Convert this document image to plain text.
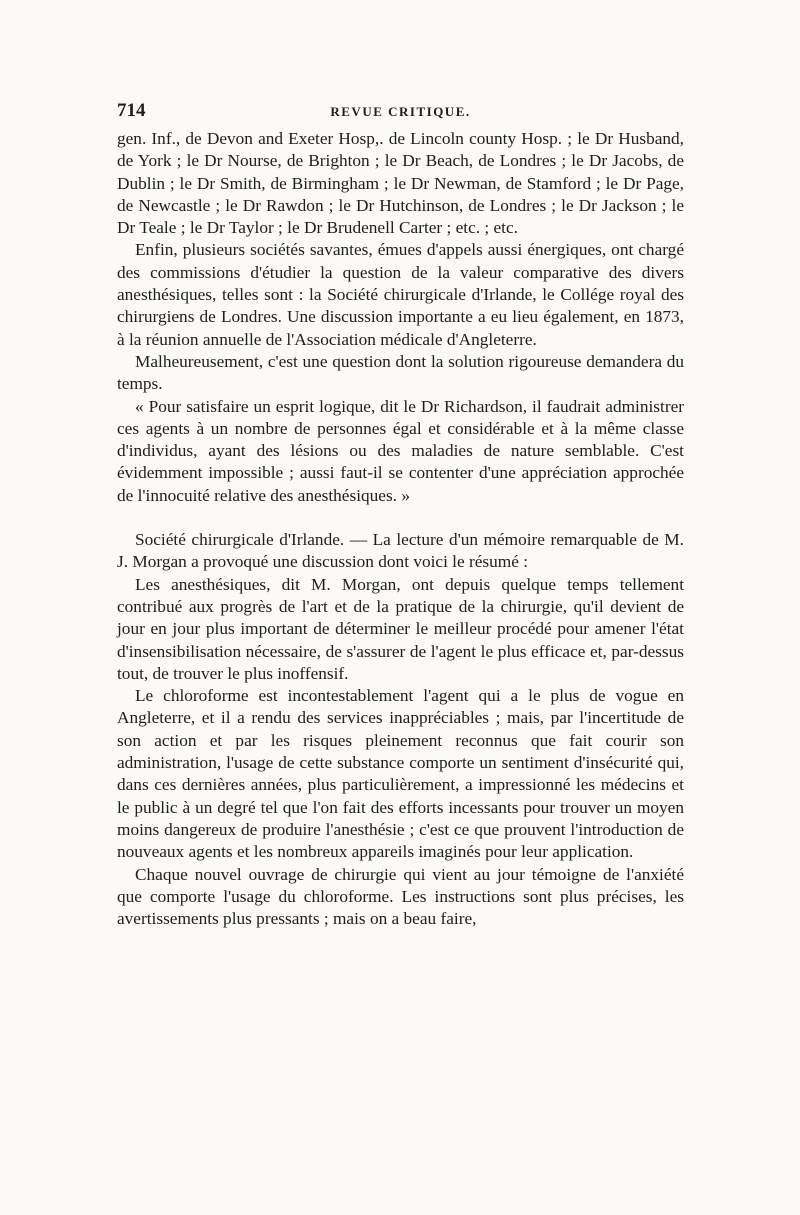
714	REVUE CRITIQUE.

gen. Inf., de Devon and Exeter Hosp,. de Lincoln county Hosp. ; le Dr Husband, de York ; le Dr Nourse, de Brighton ; le Dr Beach, de Londres ; le Dr Jacobs, de Dublin ; le Dr Smith, de Birmingham ; le Dr Newman, de Stamford ; le Dr Page, de Newcastle ; le Dr Rawdon ; le Dr Hutchinson, de Londres ; le Dr Jackson ; le Dr Teale ; le Dr Taylor ; le Dr Brudenell Carter ; etc. ; etc.

Enfin, plusieurs sociétés savantes, émues d'appels aussi énergiques, ont chargé des commissions d'étudier la question de la valeur comparative des divers anesthésiques, telles sont : la Société chirurgicale d'Irlande, le Collége royal des chirurgiens de Londres. Une discussion importante a eu lieu également, en 1873, à la réunion annuelle de l'Association médicale d'Angleterre.

Malheureusement, c'est une question dont la solution rigoureuse demandera du temps.

« Pour satisfaire un esprit logique, dit le Dr Richardson, il faudrait administrer ces agents à un nombre de personnes égal et considérable et à la même classe d'individus, ayant des lésions ou des maladies de nature semblable. C'est évidemment impossible ; aussi faut-il se contenter d'une appréciation approchée de l'innocuité relative des anesthésiques. »

Société chirurgicale d'Irlande. — La lecture d'un mémoire remarquable de M. J. Morgan a provoqué une discussion dont voici le résumé :

Les anesthésiques, dit M. Morgan, ont depuis quelque temps tellement contribué aux progrès de l'art et de la pratique de la chirurgie, qu'il devient de jour en jour plus important de déterminer le meilleur procédé pour amener l'état d'insensibilisation nécessaire, de s'assurer de l'agent le plus efficace et, par-dessus tout, de trouver le plus inoffensif.

Le chloroforme est incontestablement l'agent qui a le plus de vogue en Angleterre, et il a rendu des services inappréciables ; mais, par l'incertitude de son action et par les risques pleinement reconnus que fait courir son administration, l'usage de cette substance comporte un sentiment d'insécurité qui, dans ces dernières années, plus particulièrement, a impressionné les médecins et le public à un degré tel que l'on fait des efforts incessants pour trouver un moyen moins dangereux de produire l'anesthésie ; c'est ce que prouvent l'introduction de nouveaux agents et les nombreux appareils imaginés pour leur application.

Chaque nouvel ouvrage de chirurgie qui vient au jour témoigne de l'anxiété que comporte l'usage du chloroforme. Les instructions sont plus précises, les avertissements plus pressants ; mais on a beau faire,
